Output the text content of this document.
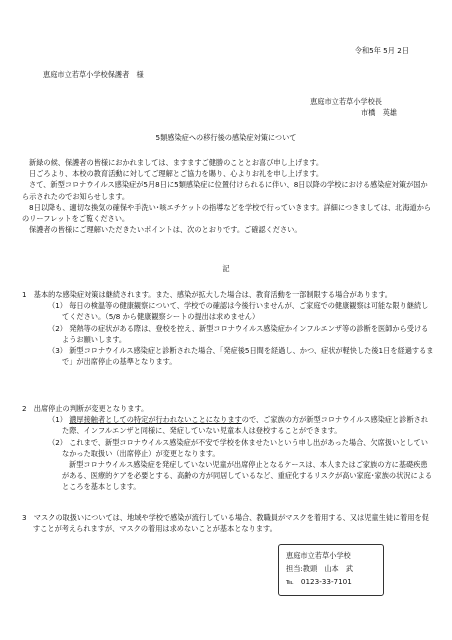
令和5年 5月 2日
恵庭市立若草小学校保護者　様
恵庭市立若草小学校長
市橋　英雄
5類感染症への移行後の感染症対策について

新緑の候、保護者の皆様におかれましては、ますますご健勝のこととお喜び申し上げます。

日ごろより、本校の教育活動に対してご理解とご協力を賜り、心よりお礼を申し上げます。

さて、新型コロナウイルス感染症が5月8日に5類感染症に位置付けられるに伴い、8日以降の学校における感染症対策が国から示されたのでお知らせします。

8日以降も、適切な換気の確保や手洗い･咳エチケットの指導などを学校で行っていきます。詳細につきましては、北海道からのリーフレットをご覧ください。

保護者の皆様にご理解いただきたいポイントは、次のとおりです。ご確認ください。

記
1　基本的な感染症対策は継続されます。また、感染が拡大した場合は、教育活動を一部制限する場合があります。
（1） 毎日の検温等の健康観察について、学校での確認は今後行いませんが、ご家庭での健康観察は可能な限り継続してください。（5/8 から健康観察シートの提出は求めません）
（2） 発熱等の症状がある際は、登校を控え、新型コロナウイルス感染症かインフルエンザ等の診断を医師から受けるようお願いします。
（3） 新型コロナウイルス感染症と診断された場合、「発症後5日間を経過し、かつ、症状が軽快した後1日を経過するまで」が出席停止の基準となります。
2　出席停止の判断が変更となります。
（1） 濃厚接触者としての特定が行われないことになりますので、ご家族の方が新型コロナウイルス感染症と診断された際、インフルエンザと同様に、発症していない児童本人は登校することができます。
（2） これまで、新型コロナウイルス感染症が不安で学校を休ませたいという申し出があった場合、欠席扱いとしていなかった取扱い（出席停止）が変更となります。
新型コロナウイルス感染症を発症していない児童が出席停止となるケースは、本人またはご家族の方に基礎疾患がある、医療的ケアを必要とする、高齢の方が同居しているなど、重症化するリスクが高い家庭･家族の状況によるところを基本とします。
3　マスクの取扱いについては、地域や学校で感染が流行している場合、教職員がマスクを着用する、又は児童生徒に着用を促すことが考えられますが、マスクの着用は求めないことが基本となります。
恵庭市立若草小学校
担当:教頭　山本　武
℡　0123-33-7101
